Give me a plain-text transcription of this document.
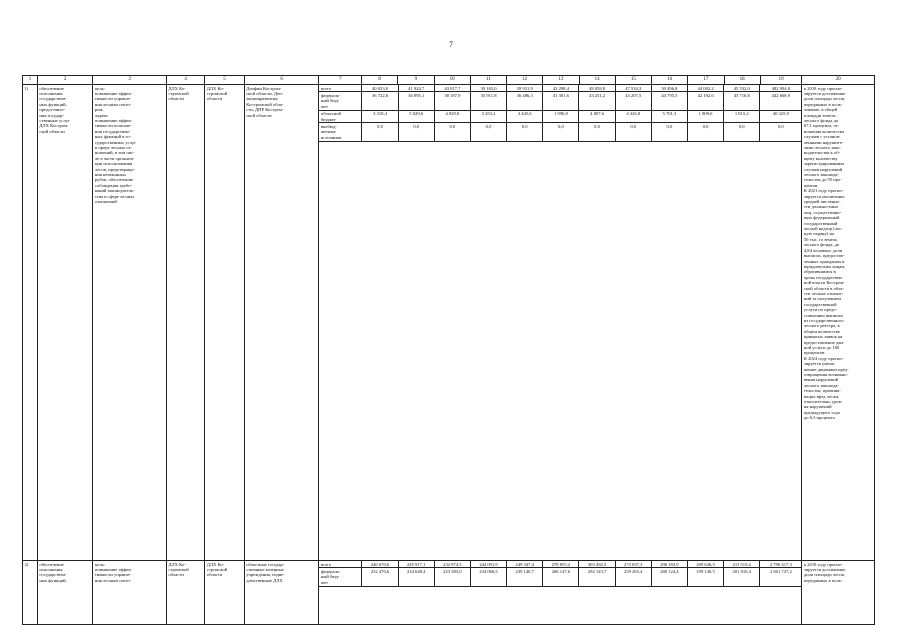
7
1	2	3	4	5	6	7	8	9	10	11	12	13	14	15	16	17	18	19	20
1)	обеспечение
исполнения
государствен-
ных функций,
предоставле-
ния государ-
ственных услуг
ДЛХ Костром-
ской области	цель:
повышение эффек-
тивности управле-
ния лесным секто-
ром;
задача:
повышение эффек-
тивности исполне-
ния государствен-
ных функций в го-
сударственных услуг
в сфере лесных от-
ношений, в том чис-
ле в части организа-
ции использования
лесов, предотвраще-
ния незаконных
рубок; обеспечение
соблюдения требо-
ваний законодатель-
ства в сфере лесных
отношений	ДЛХ Ко-
стромской
области	ДЛХ Ко-
стромской
области	Депфин Костром-
ской области, Деп-
экономразвития
Костромской обла-
сти, ДПР Костром-
ской области	
всего	40 033,0	41 924,7	43 017,7	39 165,0	39 931,9	43 298,4	48 058,8	47 534,3	50 496,8	44 002,2	45 532,0	482 994,8
федераль-
ный бюд-
жет	36 722,6	36 895,1	38 187,9	35 911,8	36 486,3	41 301,6	43 251,2	43 207,5	44 795,5	42 192,6	43 716,8	442 668,9
областной
бюджет	3 310,4	5 029,6	4 829,8	3 253,2	3 445,6	1 996,8	4 807,6	4 326,8	5 701,3	1 809,6	1 815,2	40 325,9
внебюд-
жетные
источники	0,0	0,0	0,0	0,0	0,0	0,0	0,0	0,0	0,0	0,0	0,0	0,0
	к 2018 году прогно-
зируется достижение
доли площади лесов,
переданных в поль-
зование, в общей
площади земель
лесного фонда до
67,1 процента, от-
ношения количества
случаев с установ-
ленными нарушите-
лями лесного зако-
нодательства к об-
щему количеству
зарегистрированных
случаев нарушений
лесного законода-
тельства до 95 про-
центов.
К 2021 году прогно-
зируется увеличение
средней численно-
сти должностных
лиц, осуществляю-
щих федеральный
государственный
лесной надзор (лес-
ную охрану) на
50 тыс. га земель
лесного фонда, до
4,84 человека; доли
выписок, предостав-
ленных гражданам и
юридическим лицам,
обратившимся в
орган государствен-
ной власти Костром-
ской области в обла-
сти лесных отноше-
ний за получением
государственной
услуги по предо-
ставлению выписки
из государственного
лесного реестра, в
общем количестве
принятых заявок на
предоставление дан-
ной услуги до 100
процентов.
К 2024 году прогно-
зируется умень-
шение динамики пред-
отвращения возникно-
вения нарушений
лесного законода-
тельства, причиня-
ющих вред лесам,
относительно уров-
ня нарушений
предыдущего года
до 6,3 процента
2)	обеспечение
исполнения
государствен-
ных функций,	цель:
повышение эффек-
тивности управле-
ния лесным секто-	ДЛХ Ко-
стромской
области	ДЛХ Ко-
стромской
области	областные государ-
ственные казенные
учреждения, подве-
домственные ДЛХ	
всего	246 670,6	245 917,1	232 874,5	244 091,9	249 347,4	278 855,2	303 492,5	273 837,3	296 183,9	209 636,5	211 510,4	2 790 417,3
федераль-
ный бюд-
жет	232 470,6	234 648,4	223 583,0	234 066,5	239 140,7	266 147,6	292 143,7	259 265,4	280 124,4	199 136,5	201 010,4	2 661 737,2
	к 2018 году прогно-
зируется достижение
доли площади лесов,
переданных в поль-
